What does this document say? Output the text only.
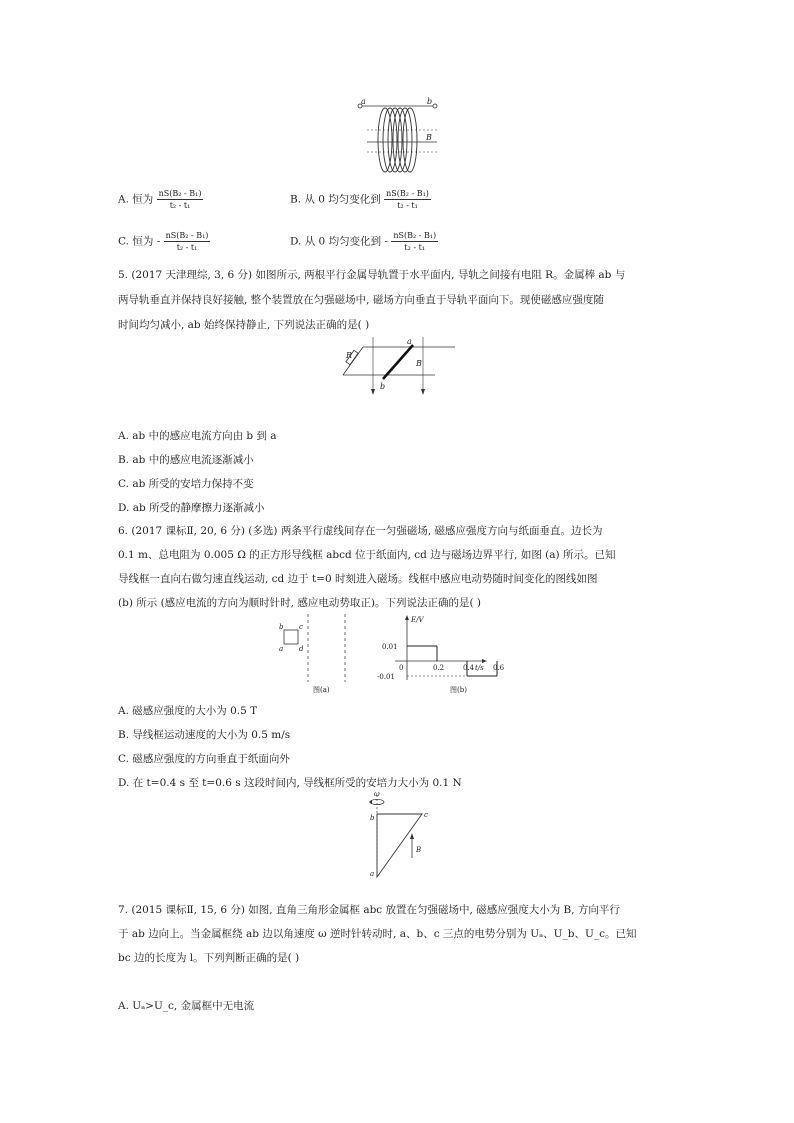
a	b
B
A. 恒为 $\frac{\text{nS(B₂ - B₁)}}{\text{t₂ - t₁}}$	B. 从 0 均匀变化到 $\frac{\text{nS(B₂ - B₁)}}{\text{t₂ - t₁}}$
C. 恒为 - $\frac{\text{nS(B₂ - B₁)}}{\text{t₂ - t₁}}$	D. 从 0 均匀变化到 - $\frac{\text{nS(B₂ - B₁)}}{\text{t₂ - t₁}}$
5. (2017 天津理综, 3, 6 分) 如图所示, 两根平行金属导轨置于水平面内, 导轨之间接有电阻 R。金属棒 ab 与
两导轨垂直并保持良好接触, 整个装置放在匀强磁场中, 磁场方向垂直于导轨平面向下。现使磁感应强度随
时间均匀减小, ab 始终保持静止, 下列说法正确的是( )
R
a
b
B
A. ab 中的感应电流方向由 b 到 a
B. ab 中的感应电流逐渐减小
C. ab 所受的安培力保持不变
D. ab 所受的静摩擦力逐渐减小
6. (2017 课标Ⅱ, 20, 6 分) (多选) 两条平行虚线间存在一匀强磁场, 磁感应强度方向与纸面垂直。边长为
0.1 m、总电阻为 0.005 Ω 的正方形导线框 abcd 位于纸面内, cd 边与磁场边界平行, 如图 (a) 所示。已知
导线框一直向右做匀速直线运动, cd 边于 t=0 时刻进入磁场。线框中感应电动势随时间变化的图线如图
(b) 所示 (感应电流的方向为顺时针时, 感应电动势取正)。下列说法正确的是( )
b c
a d
图(a)
0.01
-0.01
0.2	0.4	0.6
E/V
t/s
0
图(b)
A. 磁感应强度的大小为 0.5 T
B. 导线框运动速度的大小为 0.5 m/s
C. 磁感应强度的方向垂直于纸面向外
D. 在 t=0.4 s 至 t=0.6 s 这段时间内, 导线框所受的安培力大小为 0.1 N
ω
b	c
a
B
7. (2015 课标Ⅱ, 15, 6 分) 如图, 直角三角形金属框 abc 放置在匀强磁场中, 磁感应强度大小为 B, 方向平行
于 ab 边向上。当金属框绕 ab 边以角速度 ω 逆时针转动时, a、b、c 三点的电势分别为 Uₐ、U_b、U_c。已知
bc 边的长度为 l。下列判断正确的是( )
A. Uₐ>U_c, 金属框中无电流
